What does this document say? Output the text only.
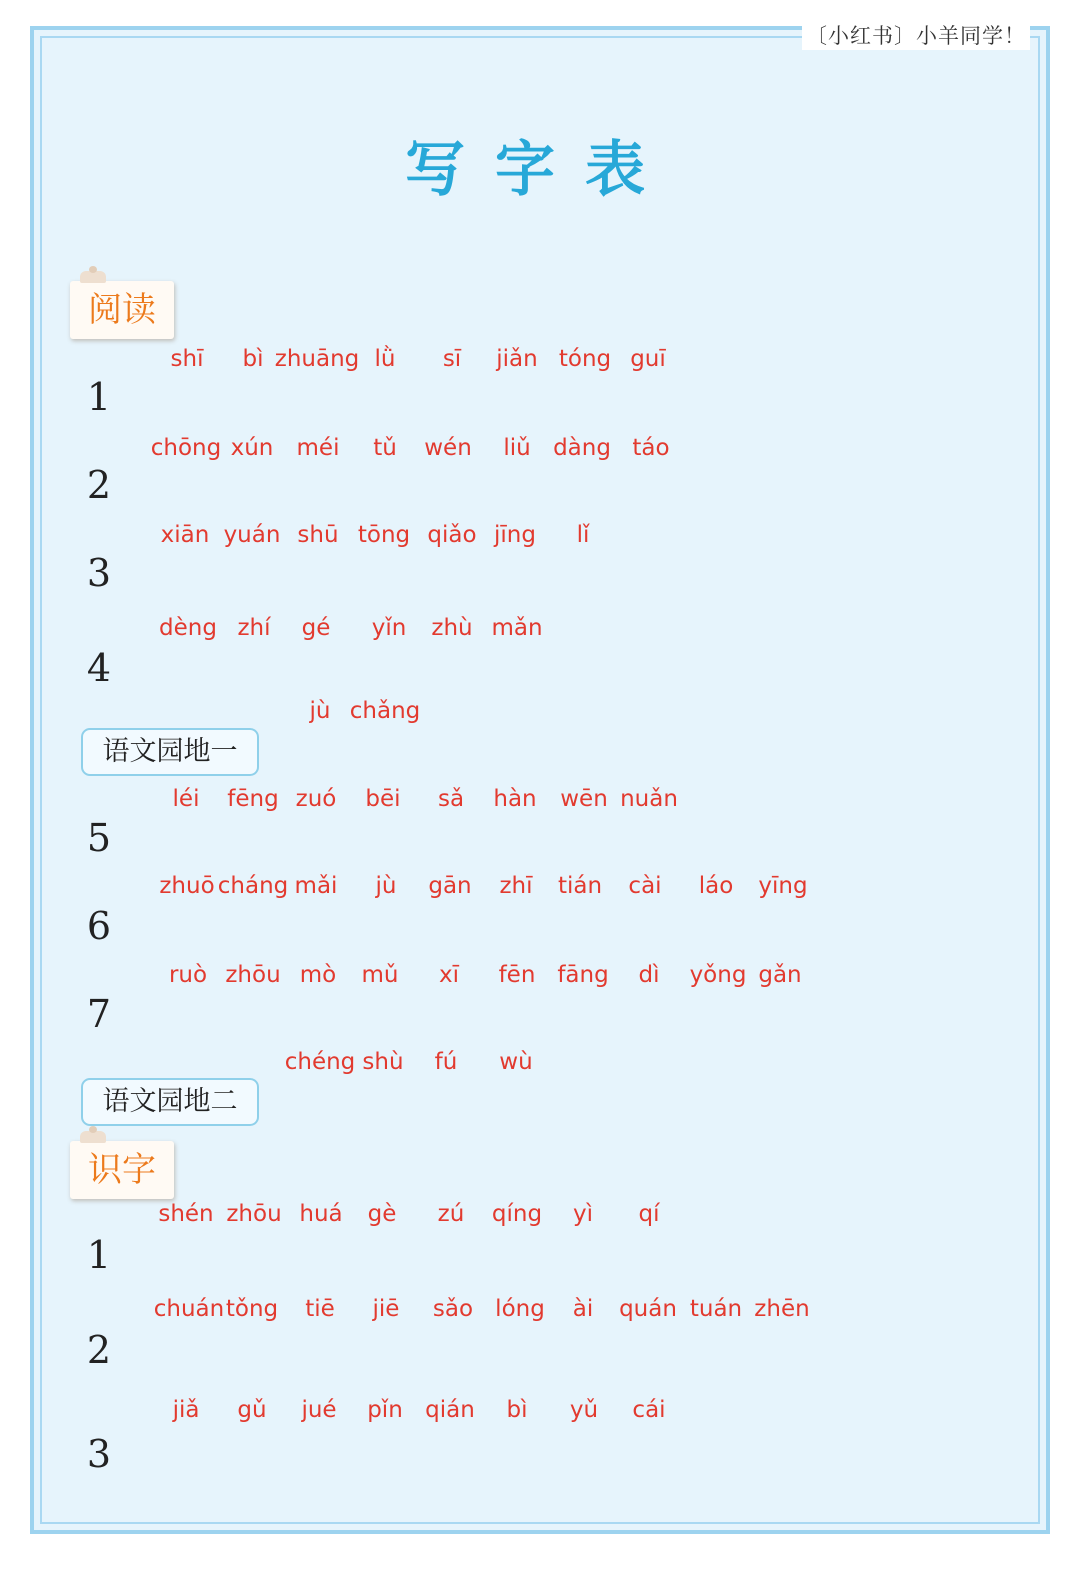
〔小红书〕小羊同学！
写字表
阅读
1
2
3
4
shī bì zhuāng lǜ sī jiǎn tóng guī
chōng xún méi tǔ wén liǔ dàng táo
xiān yuán shū tōng qiǎo jīng lǐ
dèng zhí gé yǐn zhù mǎn
jù chǎng
语文园地一
5
6
7
léi fēng zuó bēi sǎ hàn wēn nuǎn
zhuō cháng mǎi jù gān zhī tián cài láo yīng
ruò zhōu mò mǔ xī fēn fāng dì yǒng gǎn
chéng shù fú wù
语文园地二
识字
1
2
3
shén zhōu huá gè zú qíng yì qí
chuán tǒng tiē jiē sǎo lóng ài quán tuán zhēn
jiǎ gǔ jué pǐn qián bì yǔ cái
